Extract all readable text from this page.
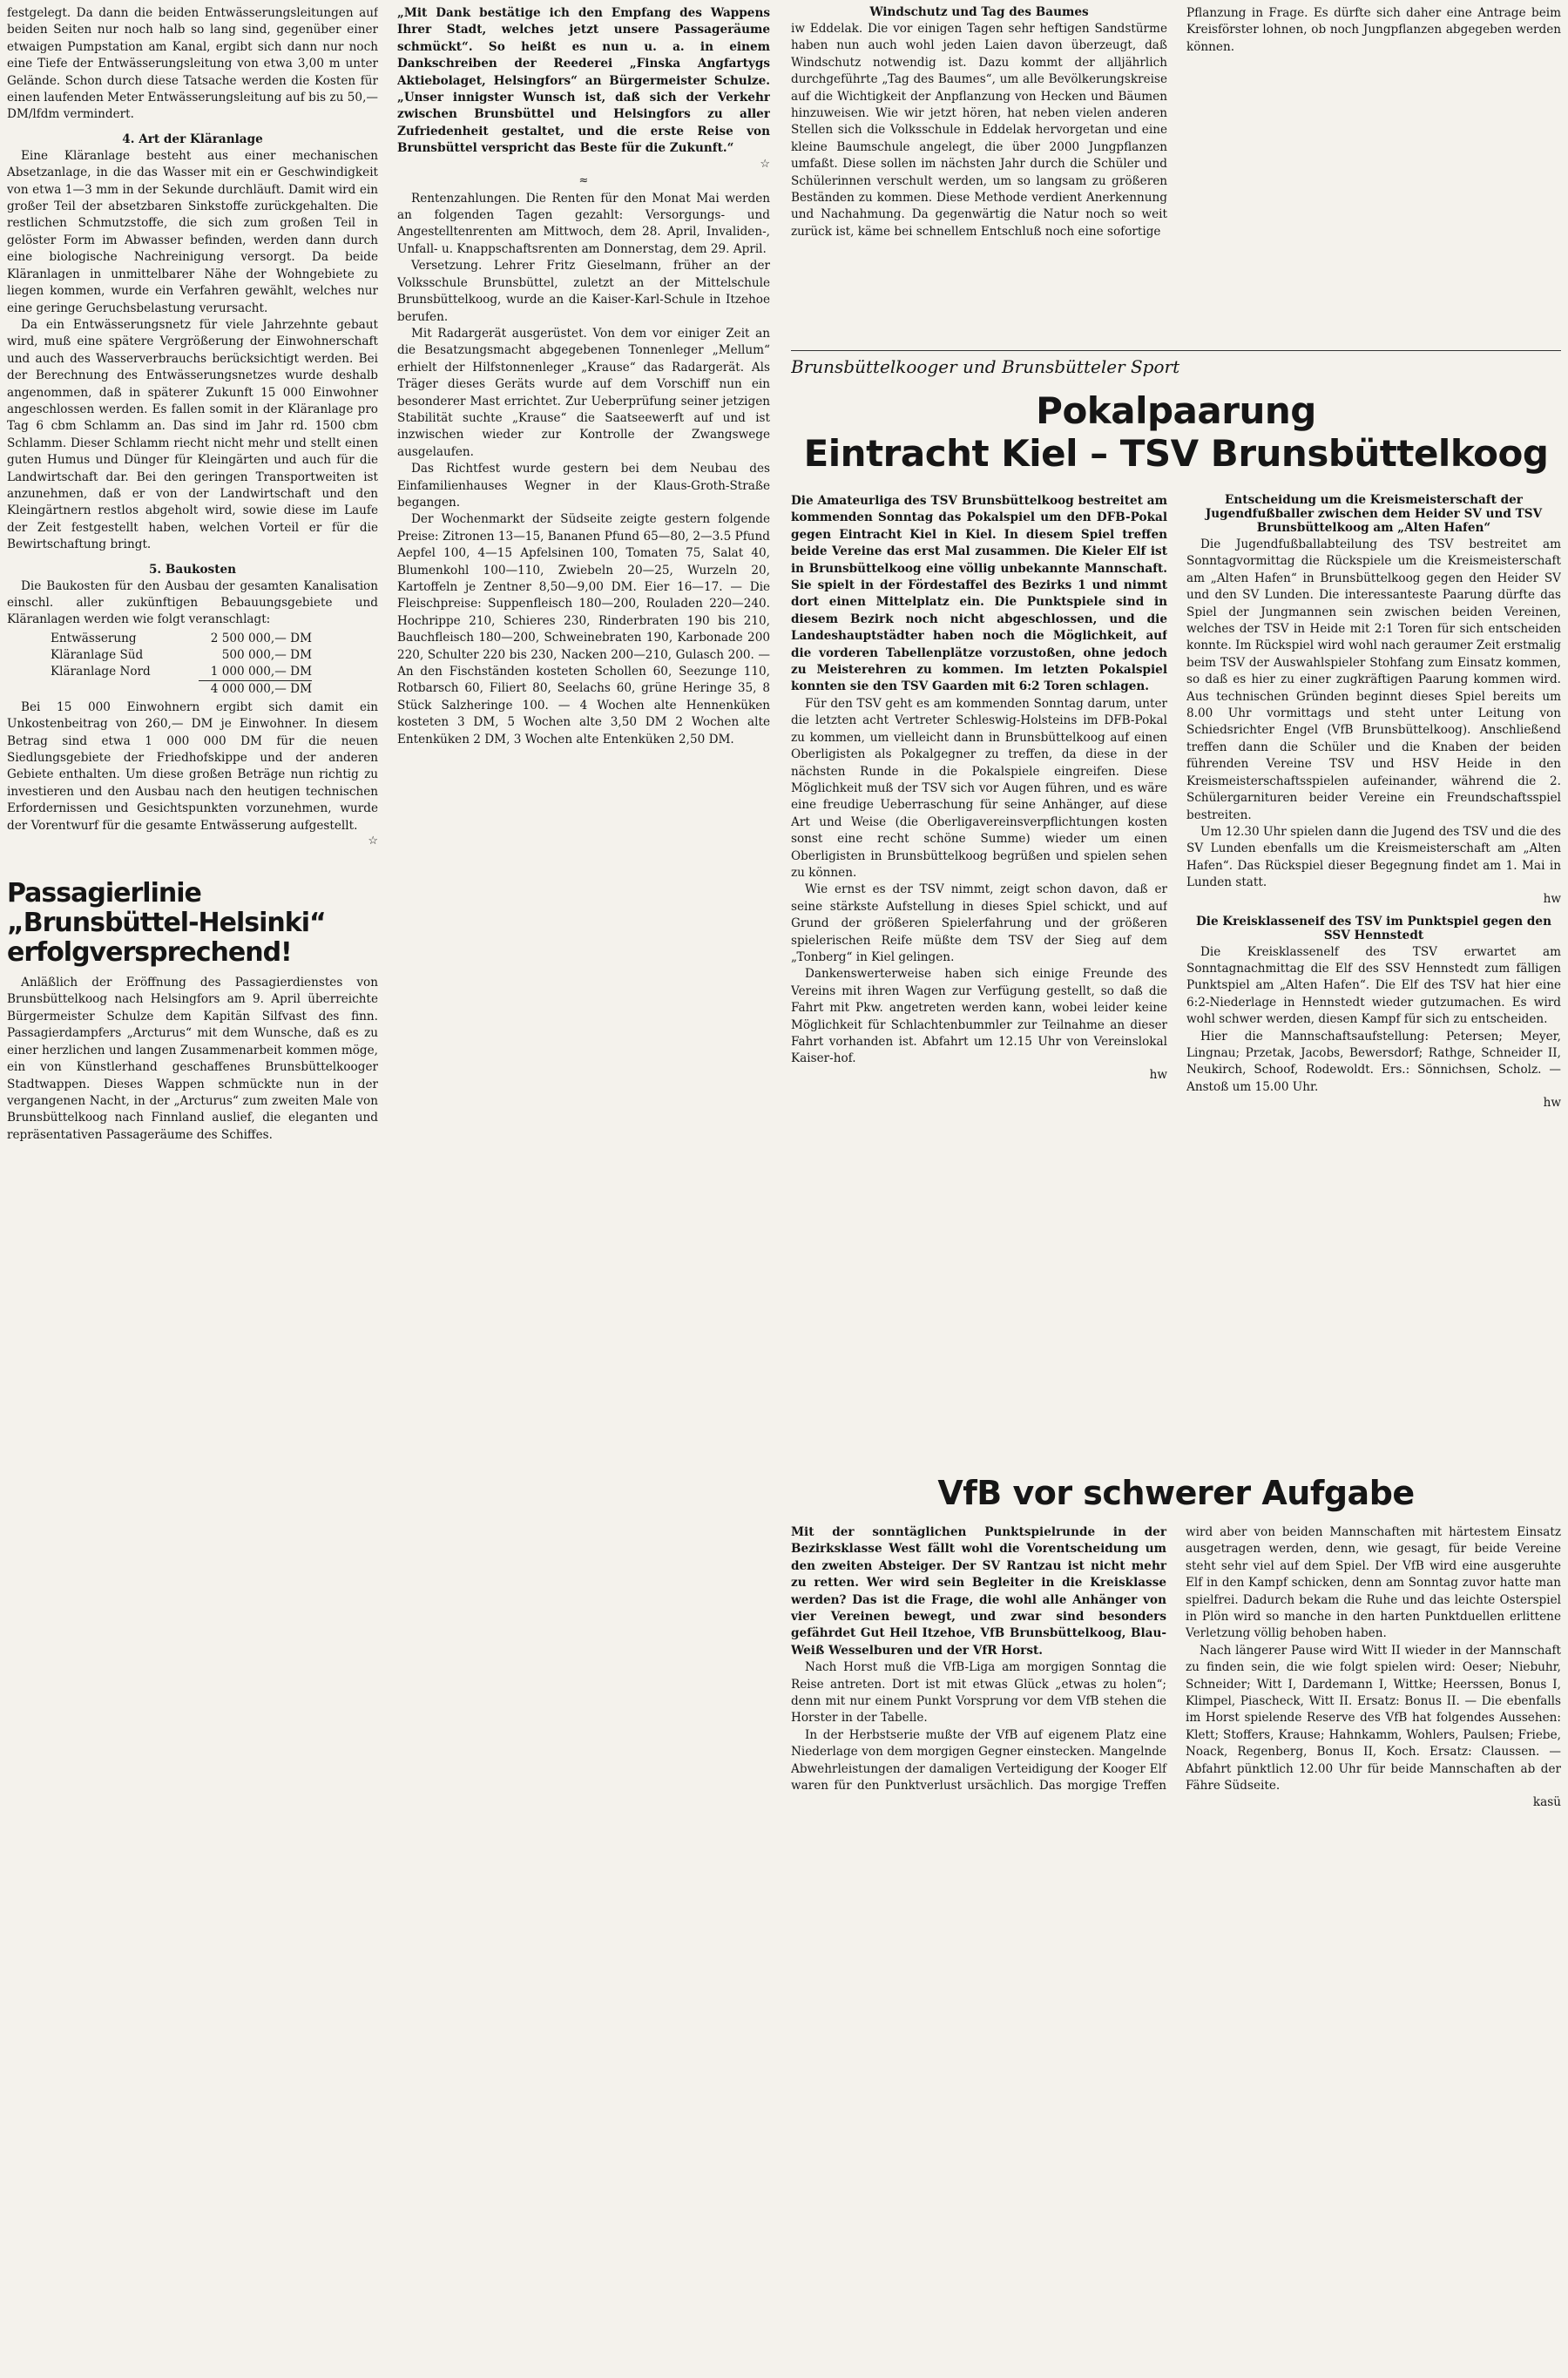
festgelegt. Da dann die beiden Entwässerungsleitungen auf beiden Seiten nur noch halb so lang sind, gegenüber einer etwaigen Pumpstation am Kanal, ergibt sich dann nur noch eine Tiefe der Entwässerungsleitung von etwa 3,00 m unter Gelände. Schon durch diese Tatsache werden die Kosten für einen laufenden Meter Entwässerungsleitung auf bis zu 50,— DM/lfdm vermindert.

4. Art der Kläranlage

Eine Kläranlage besteht aus einer mechanischen Absetzanlage, in die das Wasser mit ein er Geschwindigkeit von etwa 1—3 mm in der Sekunde durchläuft. Damit wird ein großer Teil der absetzbaren Sinkstoffe zurückgehalten. Die restlichen Schmutzstoffe, die sich zum großen Teil in gelöster Form im Abwasser befinden, werden dann durch eine biologische Nachreinigung versorgt. Da beide Kläranlagen in unmittelbarer Nähe der Wohngebiete zu liegen kommen, wurde ein Verfahren gewählt, welches nur eine geringe Geruchsbelastung verursacht.

Da ein Entwässerungsnetz für viele Jahrzehnte gebaut wird, muß eine spätere Vergrößerung der Einwohnerschaft und auch des Wasserverbrauchs berücksichtigt werden. Bei der Berechnung des Entwässerungsnetzes wurde deshalb angenommen, daß in späterer Zukunft 15 000 Einwohner angeschlossen werden. Es fallen somit in der Kläranlage pro Tag 6 cbm Schlamm an. Das sind im Jahr rd. 1500 cbm Schlamm. Dieser Schlamm riecht nicht mehr und stellt einen guten Humus und Dünger für Kleingärten und auch für die Landwirtschaft dar. Bei den geringen Transportweiten ist anzunehmen, daß er von der Landwirtschaft und den Kleingärtnern restlos abgeholt wird, sowie diese im Laufe der Zeit festgestellt haben, welchen Vorteil er für die Bewirtschaftung bringt.

5. Baukosten

Die Baukosten für den Ausbau der gesamten Kanalisation einschl. aller zukünftigen Bebauungsgebiete und Kläranlagen werden wie folgt veranschlagt:

Entwässerung	2 500 000,— DM
Kläranlage Süd	500 000,— DM
Kläranlage Nord	1 000 000,— DM
4 000 000,— DM

Bei 15 000 Einwohnern ergibt sich damit ein Unkostenbeitrag von 260,— DM je Einwohner. In diesem Betrag sind etwa 1 000 000 DM für die neuen Siedlungsgebiete der Friedhofskippe und der anderen Gebiete enthalten. Um diese großen Beträge nun richtig zu investieren und den Ausbau nach den heutigen technischen Erfordernissen und Gesichtspunkten vorzunehmen, wurde der Vorentwurf für die gesamte Entwässerung aufgestellt.

☆
Passagierlinie „Brunsbüttel-Helsinki“ erfolgversprechend!

Anläßlich der Eröffnung des Passagierdienstes von Brunsbüttelkoog nach Helsingfors am 9. April überreichte Bürgermeister Schulze dem Kapitän Silfvast des finn. Passagierdampfers „Arcturus“ mit dem Wunsche, daß es zu einer herzlichen und langen Zusammenarbeit kommen möge, ein von Künstlerhand geschaffenes Brunsbüttelkooger Stadtwappen. Dieses Wappen schmückte nun in der vergangenen Nacht, in der „Arcturus“ zum zweiten Male von Brunsbüttelkoog nach Finnland auslief, die eleganten und repräsentativen Passageräume des Schiffes.

„Mit Dank bestätige ich den Empfang des Wappens Ihrer Stadt, welches jetzt unsere Passageräume schmückt“. So heißt es nun u. a. in einem Dankschreiben der Reederei „Finska Angfartygs Aktiebolaget, Helsingfors“ an Bürgermeister Schulze. „Unser innigster Wunsch ist, daß sich der Verkehr zwischen Brunsbüttel und Helsingfors zu aller Zufriedenheit gestaltet, und die erste Reise von Brunsbüttel verspricht das Beste für die Zukunft.“

☆
≈

Rentenzahlungen. Die Renten für den Monat Mai werden an folgenden Tagen gezahlt: Versorgungs- und Angestelltenrenten am Mittwoch, dem 28. April, Invaliden-, Unfall- u. Knappschaftsrenten am Donnerstag, dem 29. April.

Versetzung. Lehrer Fritz Gieselmann, früher an der Volksschule Brunsbüttel, zuletzt an der Mittelschule Brunsbüttelkoog, wurde an die Kaiser-Karl-Schule in Itzehoe berufen.

Mit Radargerät ausgerüstet. Von dem vor einiger Zeit an die Besatzungsmacht abgegebenen Tonnenleger „Mellum“ erhielt der Hilfstonnenleger „Krause“ das Radargerät. Als Träger dieses Geräts wurde auf dem Vorschiff nun ein besonderer Mast errichtet. Zur Ueberprüfung seiner jetzigen Stabilität suchte „Krause“ die Saatseewerft auf und ist inzwischen wieder zur Kontrolle der Zwangswege ausgelaufen.

Das Richtfest wurde gestern bei dem Neubau des Einfamilienhauses Wegner in der Klaus-Groth-Straße begangen.

Der Wochenmarkt der Südseite zeigte gestern folgende Preise: Zitronen 13—15, Bananen Pfund 65—80, 2—3.5 Pfund Aepfel 100, 4—15 Apfelsinen 100, Tomaten 75, Salat 40, Blumenkohl 100—110, Zwiebeln 20—25, Wurzeln 20, Kartoffeln je Zentner 8,50—9,00 DM. Eier 16—17. — Die Fleischpreise: Suppenfleisch 180—200, Rouladen 220—240. Hochrippe 210, Schieres 230, Rinderbraten 190 bis 210, Bauchfleisch 180—200, Schweinebraten 190, Karbonade 200 220, Schulter 220 bis 230, Nacken 200—210, Gulasch 200. — An den Fischständen kosteten Schollen 60, Seezunge 110, Rotbarsch 60, Filiert 80, Seelachs 60, grüne Heringe 35, 8 Stück Salzheringe 100. — 4 Wochen alte Hennenküken kosteten 3 DM, 5 Wochen alte 3,50 DM 2 Wochen alte Entenküken 2 DM, 3 Wochen alte Entenküken 2,50 DM.

Windschutz und Tag des Baumes

iw Eddelak. Die vor einigen Tagen sehr heftigen Sandstürme haben nun auch wohl jeden Laien davon überzeugt, daß Windschutz notwendig ist. Dazu kommt der alljährlich durchgeführte „Tag des Baumes“, um alle Bevölkerungskreise auf die Wichtigkeit der Anpflanzung von Hecken und Bäumen hinzuweisen. Wie wir jetzt hören, hat neben vielen anderen Stellen sich die Volksschule in Eddelak hervorgetan und eine kleine Baumschule angelegt, die über 2000 Jungpflanzen umfaßt. Diese sollen im nächsten Jahr durch die Schüler und Schülerinnen verschult werden, um so langsam zu größeren Beständen zu kommen. Diese Methode verdient Anerkennung und Nachahmung. Da gegenwärtig die Natur noch so weit zurück ist, käme bei schnellem Entschluß noch eine sofortige

Pflanzung in Frage. Es dürfte sich daher eine Antrage beim Kreisförster lohnen, ob noch Jungpflanzen abgegeben werden können.

Brunsbüttelkooger und Brunsbütteler Sport
Pokalpaarung
Eintracht Kiel – TSV Brunsbüttelkoog

Die Amateurliga des TSV Brunsbüttelkoog bestreitet am kommenden Sonntag das Pokalspiel um den DFB-Pokal gegen Eintracht Kiel in Kiel. In diesem Spiel treffen beide Vereine das erst Mal zusammen. Die Kieler Elf ist in Brunsbüttelkoog eine völlig unbekannte Mannschaft. Sie spielt in der Fördestaffel des Bezirks 1 und nimmt dort einen Mittelplatz ein. Die Punktspiele sind in diesem Bezirk noch nicht abgeschlossen, und die Landeshauptstädter haben noch die Möglichkeit, auf die vorderen Tabellenplätze vorzustoßen, ohne jedoch zu Meisterehren zu kommen. Im letzten Pokalspiel konnten sie den TSV Gaarden mit 6:2 Toren schlagen.

Für den TSV geht es am kommenden Sonntag darum, unter die letzten acht Vertreter Schleswig-Holsteins im DFB-Pokal zu kommen, um vielleicht dann in Brunsbüttelkoog auf einen Oberligisten als Pokalgegner zu treffen, da diese in der nächsten Runde in die Pokalspiele eingreifen. Diese Möglichkeit muß der TSV sich vor Augen führen, und es wäre eine freudige Ueberraschung für seine Anhänger, auf diese Art und Weise (die Oberligavereinsverpflichtungen kosten sonst eine recht schöne Summe) wieder um einen Oberligisten in Brunsbüttelkoog begrüßen und spielen sehen zu können.

Wie ernst es der TSV nimmt, zeigt schon davon, daß er seine stärkste Aufstellung in dieses Spiel schickt, und auf Grund der größeren Spielerfahrung und der größeren spielerischen Reife müßte dem TSV der Sieg auf dem „Tonberg“ in Kiel gelingen.

Dankenswerterweise haben sich einige Freunde des Vereins mit ihren Wagen zur Verfügung gestellt, so daß die Fahrt mit Pkw. angetreten werden kann, wobei leider keine Möglichkeit für Schlachtenbummler zur Teilnahme an dieser Fahrt vorhanden ist. Abfahrt um 12.15 Uhr von Vereinslokal Kaiser-hof.

hw
Entscheidung um die Kreismeisterschaft der Jugendfußballer zwischen dem Heider SV und TSV Brunsbüttelkoog am „Alten Hafen“

Die Jugendfußballabteilung des TSV bestreitet am Sonntagvormittag die Rückspiele um die Kreismeisterschaft am „Alten Hafen“ in Brunsbüttelkoog gegen den Heider SV und den SV Lunden. Die interessanteste Paarung dürfte das Spiel der Jungmannen sein zwischen beiden Vereinen, welches der TSV in Heide mit 2:1 Toren für sich entscheiden konnte. Im Rückspiel wird wohl nach geraumer Zeit erstmalig beim TSV der Auswahlspieler Stohfang zum Einsatz kommen, so daß es hier zu einer zugkräftigen Paarung kommen wird. Aus technischen Gründen beginnt dieses Spiel bereits um 8.00 Uhr vormittags und steht unter Leitung von Schiedsrichter Engel (VfB Brunsbüttelkoog). Anschließend treffen dann die Schüler und die Knaben der beiden führenden Vereine TSV und HSV Heide in den Kreismeisterschaftsspielen aufeinander, während die 2. Schülergarnituren beider Vereine ein Freundschaftsspiel bestreiten.

Um 12.30 Uhr spielen dann die Jugend des TSV und die des SV Lunden ebenfalls um die Kreismeisterschaft am „Alten Hafen“. Das Rückspiel dieser Begegnung findet am 1. Mai in Lunden statt.

hw
Die Kreisklasseneif des TSV im Punktspiel gegen den SSV Hennstedt

Die Kreisklassenelf des TSV erwartet am Sonntagnachmittag die Elf des SSV Hennstedt zum fälligen Punktspiel am „Alten Hafen“. Die Elf des TSV hat hier eine 6:2-Niederlage in Hennstedt wieder gutzumachen. Es wird wohl schwer werden, diesen Kampf für sich zu entscheiden.

Hier die Mannschaftsaufstellung: Petersen; Meyer, Lingnau; Przetak, Jacobs, Bewersdorf; Rathge, Schneider II, Neukirch, Schoof, Rodewoldt. Ers.: Sönnichsen, Scholz. — Anstoß um 15.00 Uhr.

hw
VfB vor schwerer Aufgabe

Mit der sonntäglichen Punktspielrunde in der Bezirksklasse West fällt wohl die Vorentscheidung um den zweiten Absteiger. Der SV Rantzau ist nicht mehr zu retten. Wer wird sein Begleiter in die Kreisklasse werden? Das ist die Frage, die wohl alle Anhänger von vier Vereinen bewegt, und zwar sind besonders gefährdet Gut Heil Itzehoe, VfB Brunsbüttelkoog, Blau-Weiß Wesselburen und der VfR Horst.

Nach Horst muß die VfB-Liga am morgigen Sonntag die Reise antreten. Dort ist mit etwas Glück „etwas zu holen“; denn mit nur einem Punkt Vorsprung vor dem VfB stehen die Horster in der Tabelle.

In der Herbstserie mußte der VfB auf eigenem Platz eine Niederlage von dem morgigen Gegner einstecken. Mangelnde Abwehrleistungen der damaligen Verteidigung der Kooger Elf waren für den Punktverlust ursächlich. Das morgige Treffen wird aber von beiden Mannschaften mit härtestem Einsatz ausgetragen werden, denn, wie gesagt, für beide Vereine steht sehr viel auf dem Spiel. Der VfB wird eine ausgeruhte Elf in den Kampf schicken, denn am Sonntag zuvor hatte man spielfrei. Dadurch bekam die Ruhe und das leichte Osterspiel in Plön wird so manche in den harten Punktduellen erlittene Verletzung völlig behoben haben.

Nach längerer Pause wird Witt II wieder in der Mannschaft zu finden sein, die wie folgt spielen wird: Oeser; Niebuhr, Schneider; Witt I, Dardemann I, Wittke; Heerssen, Bonus I, Klimpel, Piascheck, Witt II. Ersatz: Bonus II. — Die ebenfalls im Horst spielende Reserve des VfB hat folgendes Aussehen: Klett; Stoffers, Krause; Hahnkamm, Wohlers, Paulsen; Friebe, Noack, Regenberg, Bonus II, Koch. Ersatz: Claussen. — Abfahrt pünktlich 12.00 Uhr für beide Mannschaften ab der Fähre Südseite.

kasü
